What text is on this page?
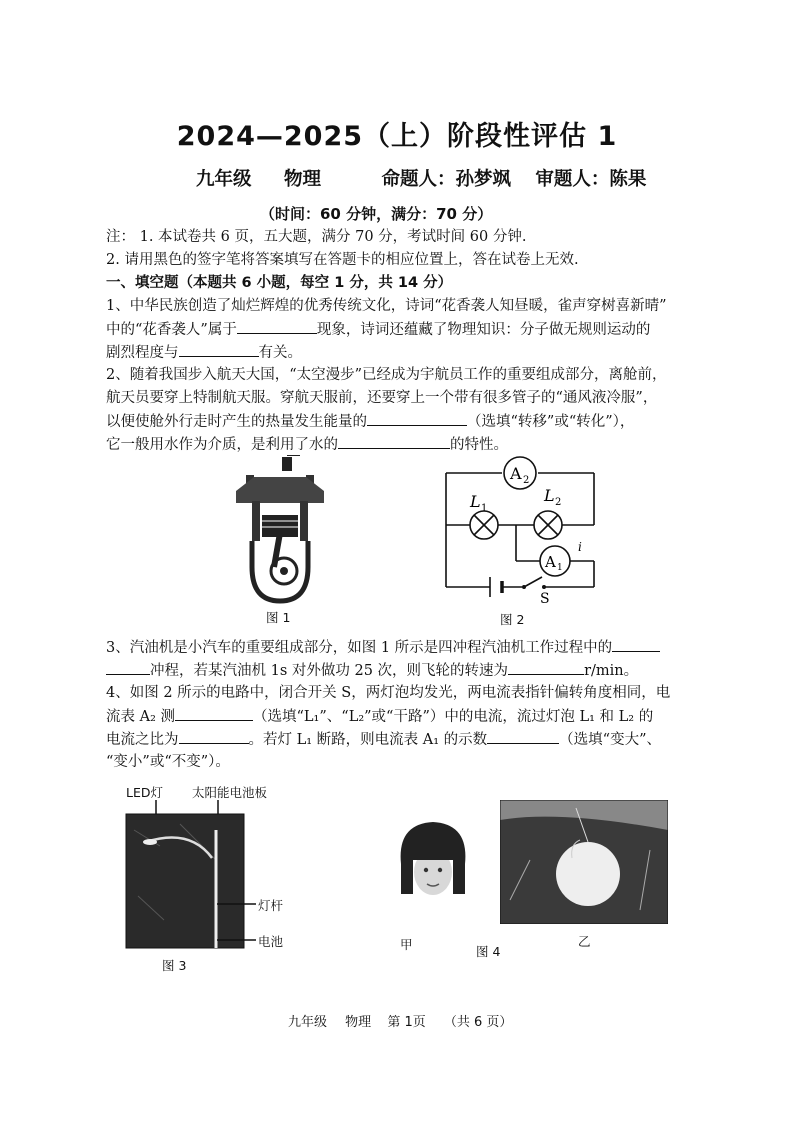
2024—2025（上）阶段性评估 1
九年级 物理	命题人：孙梦飒 审题人：陈果
（时间：60 分钟，满分：70 分）
注： 1. 本试卷共 6 页，五大题，满分 70 分，考试时间 60 分钟.
2. 请用黑色的签字笔将答案填写在答题卡的相应位置上，答在试卷上无效.
一、填空题（本题共 6 小题，每空 1 分，共 14 分）
1、中华民族创造了灿烂辉煌的优秀传统文化，诗词“花香袭人知昼暖，雀声穿树喜新晴”
中的“花香袭人”属于	现象，诗词还蕴藏了物理知识：分子做无规则运动的
剧烈程度与	有关。
2、随着我国步入航天大国，“太空漫步”已经成为宇航员工作的重要组成部分，离舱前，
航天员要穿上特制航天服。穿航天服前，还要穿上一个带有很多管子的“通风液冷服”，
以便使舱外行走时产生的热量发生能量的	（选填“转移”或“转化”），
它一般用水作为介质，是利用了水的	的特性。
图 1
A 2
L 1
L 2
A 1
i
S
图 2
3、汽油机是小汽车的重要组成部分，如图 1 所示是四冲程汽油机工作过程中的
冲程，若某汽油机 1s 对外做功 25 次，则飞轮的转速为	r/min。
4、如图 2 所示的电路中，闭合开关 S，两灯泡均发光，两电流表指针偏转角度相同，电
流表 A₂ 测	（选填“L₁”、“L₂”或“干路”）中的电流，流过灯泡 L₁ 和 L₂ 的
电流之比为	。若灯 L₁ 断路，则电流表 A₁ 的示数	（选填“变大”、
“变小”或“不变”）。
LED灯 太阳能电池板
灯杆
电池
图 3
甲	图 4
乙
九年级 物理 第 1页 （共 6 页）
